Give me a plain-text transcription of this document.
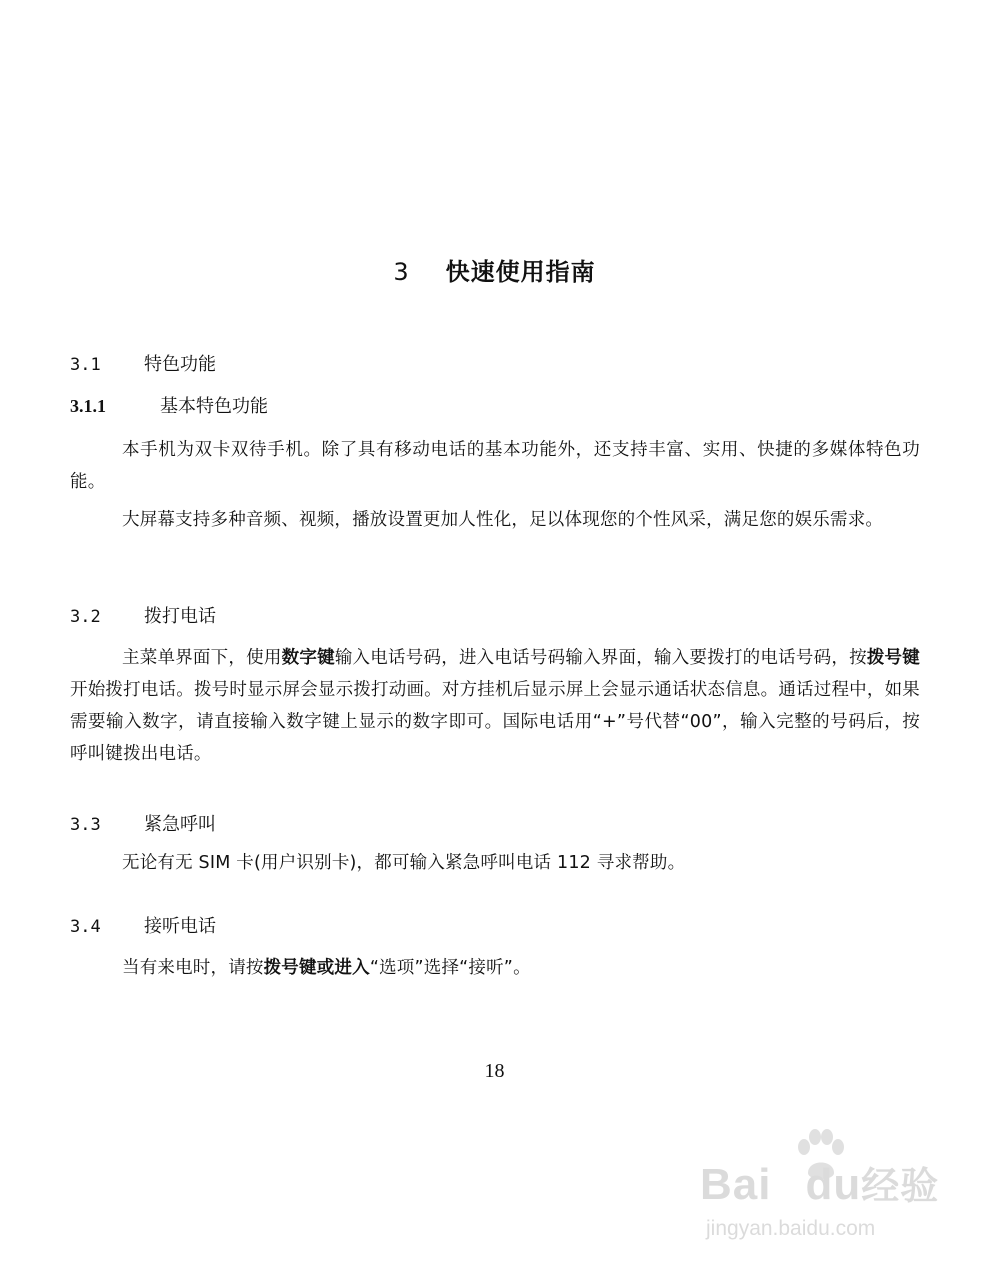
3 快速使用指南
3.1 特色功能
3.1.1	基本特色功能
本手机为双卡双待手机。除了具有移动电话的基本功能外，还支持丰富、实用、快捷的多媒体特色功能。
大屏幕支持多种音频、视频，播放设置更加人性化，足以体现您的个性风采，满足您的娱乐需求。
3.2 拨打电话
主菜单界面下，使用数字键输入电话号码，进入电话号码输入界面，输入要拨打的电话号码，按拨号键开始拨打电话。拨号时显示屏会显示拨打动画。对方挂机后显示屏上会显示通话状态信息。通话过程中，如果需要输入数字，请直接输入数字键上显示的数字即可。国际电话用“+”号代替“00”，输入完整的号码后，按呼叫键拨出电话。
3.3 紧急呼叫
无论有无 SIM 卡(用户识别卡)，都可输入紧急呼叫电话 112 寻求帮助。
3.4 接听电话
当有来电时，请按拨号键或进入“选项”选择“接听”。
18
Bai du经验
jingyan.baidu.com
